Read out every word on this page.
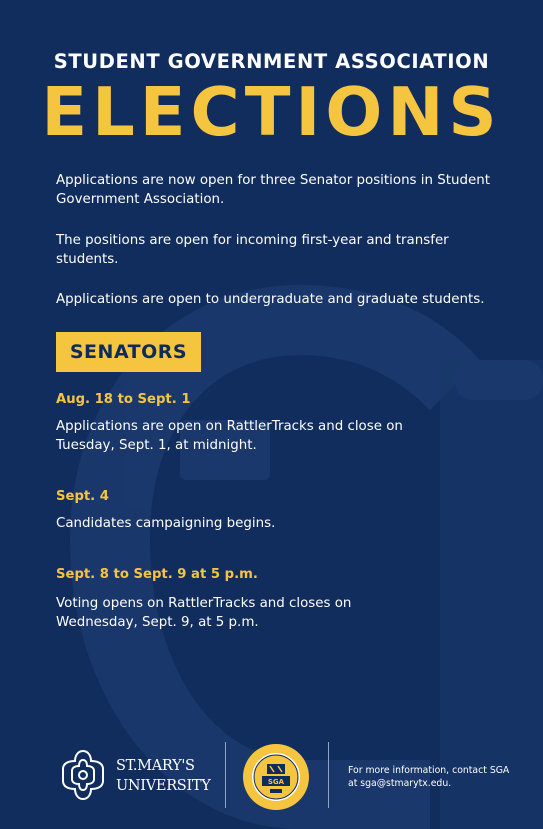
STUDENT GOVERNMENT ASSOCIATION
ELECTIONS
Applications are now open for three Senator positions in Student Government Association.
The positions are open for incoming first-year and transfer students.
Applications are open to undergraduate and graduate students.
SENATORS
Aug. 18 to Sept. 1
Applications are open on RattlerTracks and close on Tuesday, Sept. 1, at midnight.
Sept. 4
Candidates campaigning begins.
Sept. 8 to Sept. 9 at 5 p.m.
Voting opens on RattlerTracks and closes on Wednesday, Sept. 9, at 5 p.m.
ST.MARY'S
UNIVERSITY	SGA
For more information, contact SGA at sga@stmarytx.edu.
